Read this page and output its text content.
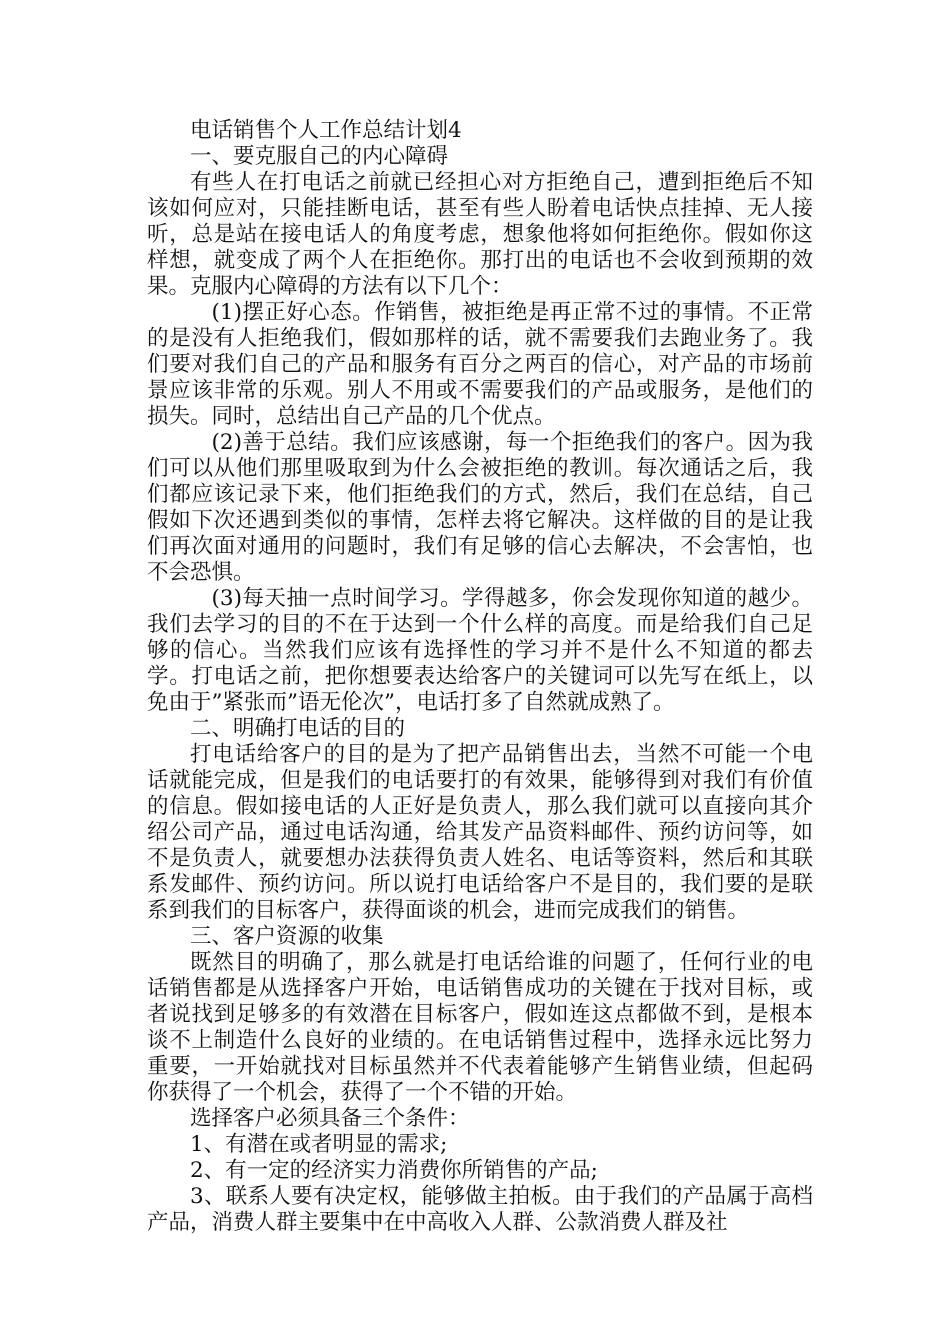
电话销售个人工作总结计划4

一、要克服自己的内心障碍

有些人在打电话之前就已经担心对方拒绝自己，遭到拒绝后不知该如何应对，只能挂断电话，甚至有些人盼着电话快点挂掉、无人接听，总是站在接电话人的角度考虑，想象他将如何拒绝你。假如你这样想，就变成了两个人在拒绝你。那打出的电话也不会收到预期的效果。克服内心障碍的方法有以下几个：

(1)摆正好心态。作销售，被拒绝是再正常不过的事情。不正常的是没有人拒绝我们，假如那样的话，就不需要我们去跑业务了。我们要对我们自己的产品和服务有百分之两百的信心，对产品的市场前景应该非常的乐观。别人不用或不需要我们的产品或服务，是他们的损失。同时，总结出自己产品的几个优点。

(2)善于总结。我们应该感谢，每一个拒绝我们的客户。因为我们可以从他们那里吸取到为什么会被拒绝的教训。每次通话之后，我们都应该记录下来，他们拒绝我们的方式，然后，我们在总结，自己假如下次还遇到类似的事情，怎样去将它解决。这样做的目的是让我们再次面对通用的问题时，我们有足够的信心去解决，不会害怕，也不会恐惧。

(3)每天抽一点时间学习。学得越多，你会发现你知道的越少。我们去学习的目的不在于达到一个什么样的高度。而是给我们自己足够的信心。当然我们应该有选择性的学习并不是什么不知道的都去学。打电话之前，把你想要表达给客户的关键词可以先写在纸上，以免由于”紧张而”语无伦次”，电话打多了自然就成熟了。

二、明确打电话的目的

打电话给客户的目的是为了把产品销售出去，当然不可能一个电话就能完成，但是我们的电话要打的有效果，能够得到对我们有价值的信息。假如接电话的人正好是负责人，那么我们就可以直接向其介绍公司产品，通过电话沟通，给其发产品资料邮件、预约访问等，如不是负责人，就要想办法获得负责人姓名、电话等资料，然后和其联系发邮件、预约访问。所以说打电话给客户不是目的，我们要的是联系到我们的目标客户，获得面谈的机会，进而完成我们的销售。

三、客户资源的收集

既然目的明确了，那么就是打电话给谁的问题了，任何行业的电话销售都是从选择客户开始，电话销售成功的关键在于找对目标，或者说找到足够多的有效潜在目标客户，假如连这点都做不到，是根本谈不上制造什么良好的业绩的。在电话销售过程中，选择永远比努力重要，一开始就找对目标虽然并不代表着能够产生销售业绩，但起码你获得了一个机会，获得了一个不错的开始。

选择客户必须具备三个条件：

1、有潜在或者明显的需求;

2、有一定的经济实力消费你所销售的产品;

3、联系人要有决定权，能够做主拍板。由于我们的产品属于高档产品，消费人群主要集中在中高收入人群、公款消费人群及社
